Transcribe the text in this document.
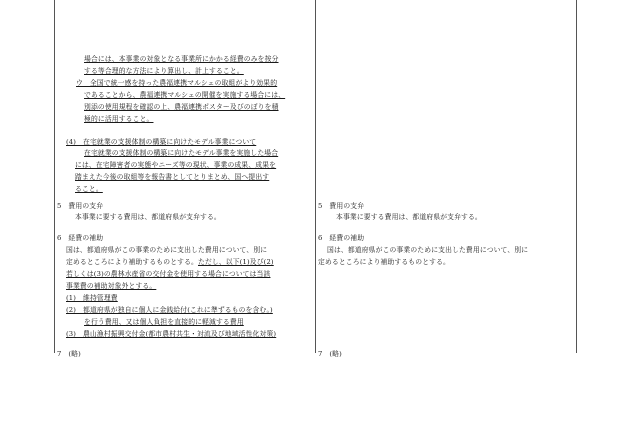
場合には、本事業の対象となる事業所にかかる経費のみを按分
する等合理的な方法により算出し、計上すること。
ウ　全国で統一感を持った農福連携マルシェの取組がより効果的
であることから、農福連携マルシェの開催を実施する場合には、
別添の使用規程を確認の上、農福連携ポスター及びのぼりを積
極的に活用すること。
(4)　在宅就業の支援体制の構築に向けたモデル事業について
在宅就業の支援体制の構築に向けたモデル事業を実施した場合
には、在宅障害者の実態やニーズ等の現状、事業の成果、成果を
踏まえた今後の取組等を報告書としてとりまとめ、国へ提出す
ること。
5　費用の支弁
本事業に要する費用は、都道府県が支弁する。
6　経費の補助
国は、都道府県がこの事業のために支出した費用について、別に
定めるところにより補助するものとする。ただし、以下(1)及び(2)
若しくは(3)の農林水産省の交付金を使用する場合については当該
事業費の補助対象外とする。
(1)　維持管理費
(2)　都道府県が独自に個人に金銭給付(これに準ずるものを含む。)
を行う費用、又は個人負担を直接的に軽減する費用
(3)　農山漁村振興交付金(都市農村共生・対流及び地域活性化対策)
7　(略)
5　費用の支弁
本事業に要する費用は、都道府県が支弁する。
6　経費の補助
国は、都道府県がこの事業のために支出した費用について、別に
定めるところにより補助するものとする。
7　(略)
